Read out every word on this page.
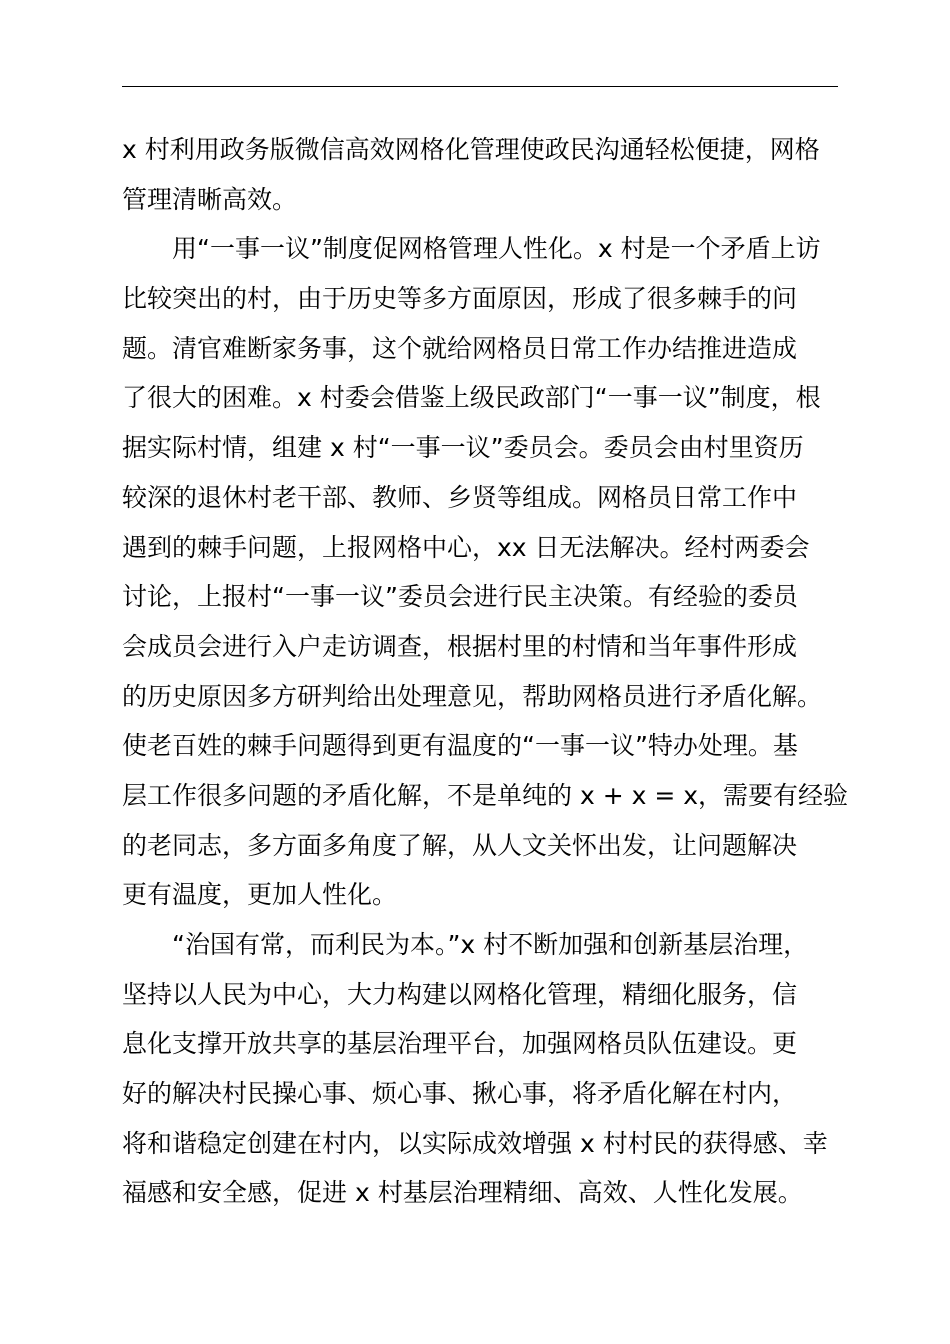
x 村利用政务版微信高效网格化管理使政民沟通轻松便捷，网格
管理清晰高效。

用“一事一议”制度促网格管理人性化。x 村是一个矛盾上访
比较突出的村，由于历史等多方面原因，形成了很多棘手的问
题。清官难断家务事，这个就给网格员日常工作办结推进造成
了很大的困难。x 村委会借鉴上级民政部门“一事一议”制度，根
据实际村情，组建 x 村“一事一议”委员会。委员会由村里资历
较深的退休村老干部、教师、乡贤等组成。网格员日常工作中
遇到的棘手问题，上报网格中心，xx 日无法解决。经村两委会
讨论，上报村“一事一议”委员会进行民主决策。有经验的委员
会成员会进行入户走访调查，根据村里的村情和当年事件形成
的历史原因多方研判给出处理意见，帮助网格员进行矛盾化解。
使老百姓的棘手问题得到更有温度的“一事一议”特办处理。基
层工作很多问题的矛盾化解，不是单纯的 x + x = x，需要有经验
的老同志，多方面多角度了解，从人文关怀出发，让问题解决
更有温度，更加人性化。

“治国有常，而利民为本。”x 村不断加强和创新基层治理，
坚持以人民为中心，大力构建以网格化管理，精细化服务，信
息化支撑开放共享的基层治理平台，加强网格员队伍建设。更
好的解决村民操心事、烦心事、揪心事，将矛盾化解在村内，
将和谐稳定创建在村内，以实际成效增强 x 村村民的获得感、幸
福感和安全感，促进 x 村基层治理精细、高效、人性化发展。
